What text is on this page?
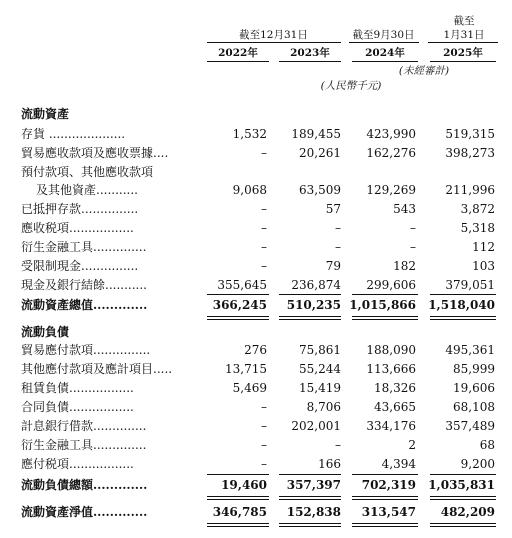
截至12月31日	截至9月30日
截至
1月31日
2022年	2023年	2024年	2025年
(未經審計)
(人民幣千元)
流動資產
存貨 ....................	1,532 189,455 423,990 519,315
貿易應收款項及應收票據....	–	20,261 162,276 398,273
預付款項、其他應收款項
及其他資產...........	9,068	63,509 129,269 211,996
已抵押存款...............	–	57	543	3,872
應收税項.................	–	–	–	5,318
衍生金融工具..............	–	–	–	112
受限制現金...............	–	79	182	103
現金及銀行結餘...........	355,645 236,874 299,606 379,051
流動資產總值.............	366,245 510,235 1,015,866 1,518,040
流動負債
貿易應付款項...............	276	75,861 188,090 495,361
其他應付款項及應計項目.....	13,715	55,244 113,666	85,999
租賃負債.................	5,469	15,419	18,326	19,606
合同負債.................	–	8,706	43,665	68,108
計息銀行借款..............	– 202,001 334,176 357,489
衍生金融工具..............	–	–	2	68
應付税項.................	–	166	4,394	9,200
流動負債總額.............	19,460 357,397 702,319 1,035,831
流動資產淨值.............	346,785 152,838 313,547 482,209
